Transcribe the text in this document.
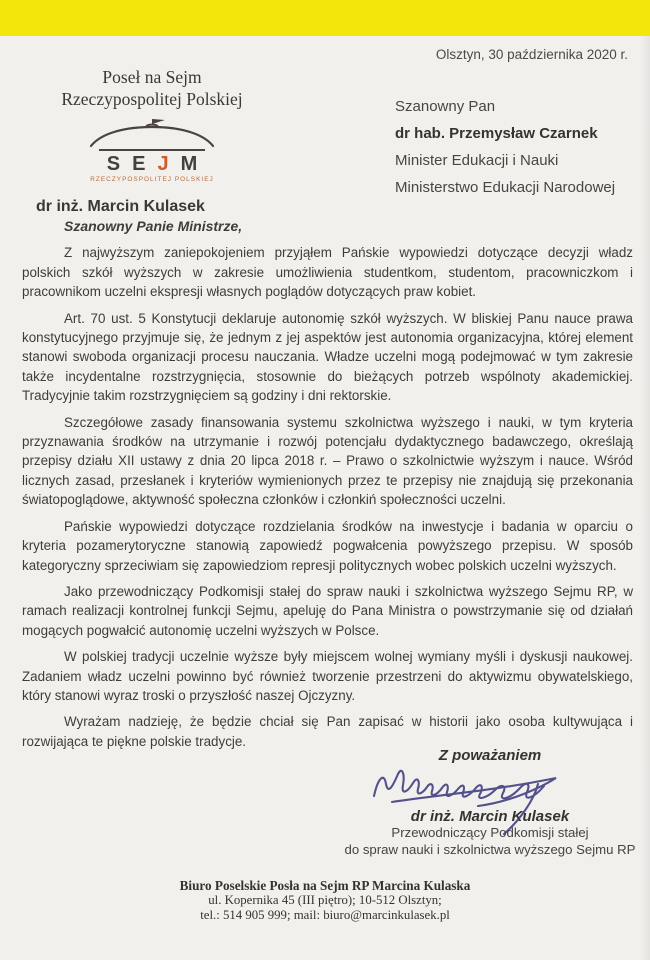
Olsztyn, 30 października 2020 r.
Poseł na Sejm
Rzeczypospolitej Polskiej
S E J M
RZECZYPOSPOLITEJ POLSKIEJ
dr inż. Marcin Kulasek
Szanowny Pan
dr hab. Przemysław Czarnek
Minister Edukacji i Nauki
Ministerstwo Edukacji Narodowej

Szanowny Panie Ministrze,

Z najwyższym zaniepokojeniem przyjąłem Pańskie wypowiedzi dotyczące decyzji władz polskich szkół wyższych w zakresie umożliwienia studentkom, studentom, pracowniczkom i pracownikom uczelni ekspresji własnych poglądów dotyczących praw kobiet.

Art. 70 ust. 5 Konstytucji deklaruje autonomię szkół wyższych. W bliskiej Panu nauce prawa konstytucyjnego przyjmuje się, że jednym z jej aspektów jest autonomia organizacyjna, której element stanowi swoboda organizacji procesu nauczania. Władze uczelni mogą podejmować w tym zakresie także incydentalne rozstrzygnięcia, stosownie do bieżących potrzeb wspólnoty akademickiej. Tradycyjnie takim rozstrzygnięciem są godziny i dni rektorskie.

Szczegółowe zasady finansowania systemu szkolnictwa wyższego i nauki, w tym kryteria przyznawania środków na utrzymanie i rozwój potencjału dydaktycznego badawczego, określają przepisy działu XII ustawy z dnia 20 lipca 2018 r. – Prawo o szkolnictwie wyższym i nauce. Wśród licznych zasad, przesłanek i kryteriów wymienionych przez te przepisy nie znajdują się przekonania światopoglądowe, aktywność społeczna członków i członkiń społeczności uczelni.

Pańskie wypowiedzi dotyczące rozdzielania środków na inwestycje i badania w oparciu o kryteria pozamerytoryczne stanowią zapowiedź pogwałcenia powyższego przepisu. W sposób kategoryczny sprzeciwiam się zapowiedziom represji politycznych wobec polskich uczelni wyższych.

Jako przewodniczący Podkomisji stałej do spraw nauki i szkolnictwa wyższego Sejmu RP, w ramach realizacji kontrolnej funkcji Sejmu, apeluję do Pana Ministra o powstrzymanie się od działań mogących pogwałcić autonomię uczelni wyższych w Polsce.

W polskiej tradycji uczelnie wyższe były miejscem wolnej wymiany myśli i dyskusji naukowej. Zadaniem władz uczelni powinno być również tworzenie przestrzeni do aktywizmu obywatelskiego, który stanowi wyraz troski o przyszłość naszej Ojczyzny.

Wyrażam nadzieję, że będzie chciał się Pan zapisać w historii jako osoba kultywująca i rozwijająca te piękne polskie tradycje.

Z poważaniem
dr inż. Marcin Kulasek
Przewodniczący Podkomisji stałej
do spraw nauki i szkolnictwa wyższego Sejmu RP
Biuro Poselskie Posła na Sejm RP Marcina Kulaska
ul. Kopernika 45 (III piętro); 10-512 Olsztyn;
tel.: 514 905 999; mail: biuro@marcinkulasek.pl
